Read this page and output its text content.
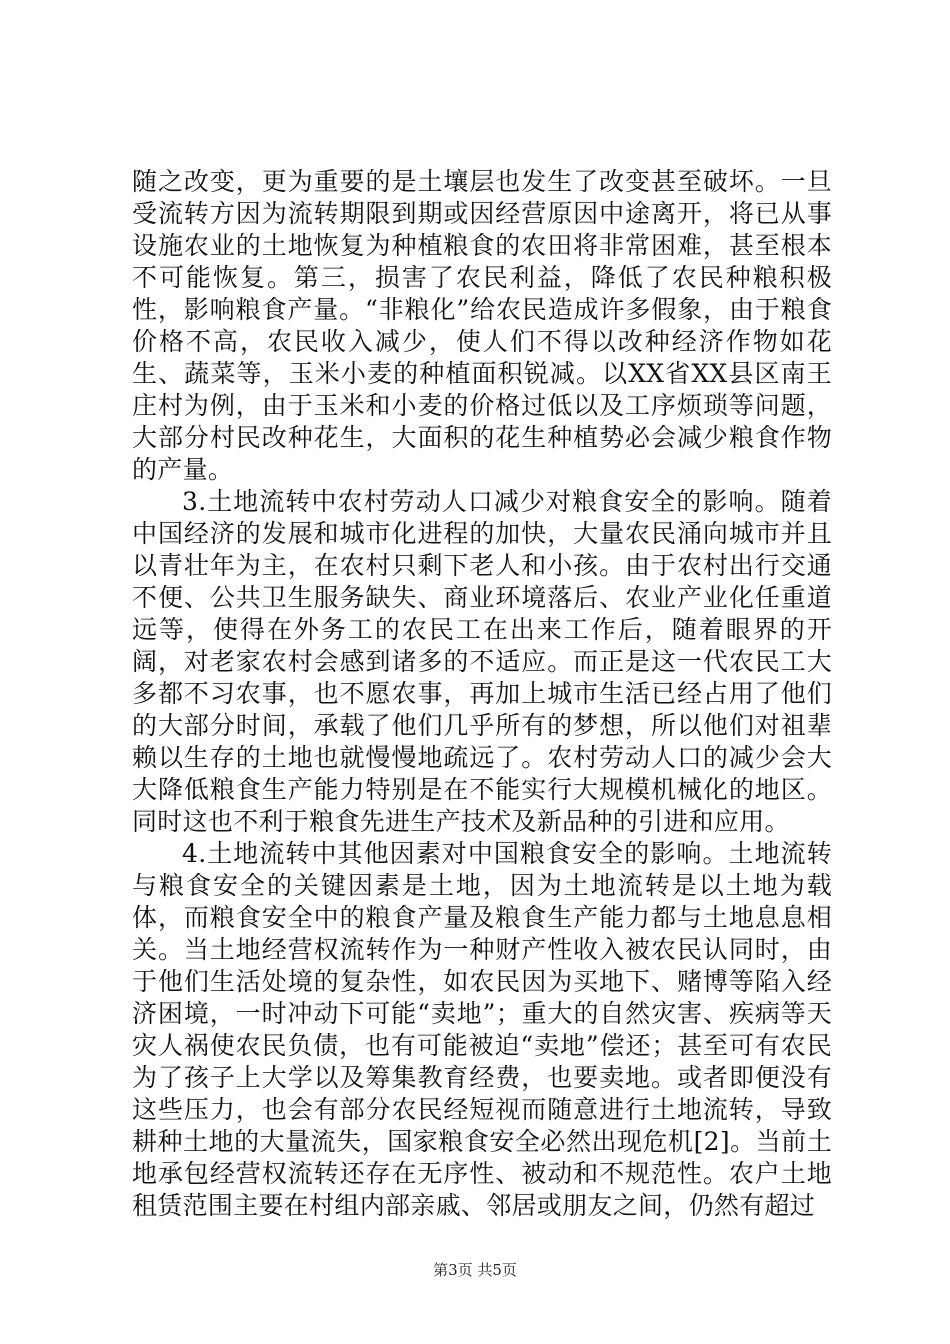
随之改变，更为重要的是土壤层也发生了改变甚至破坏。一旦受流转方因为流转期限到期或因经营原因中途离开，将已从事设施农业的土地恢复为种植粮食的农田将非常困难，甚至根本不可能恢复。第三，损害了农民利益，降低了农民种粮积极性，影响粮食产量。“非粮化”给农民造成许多假象，由于粮食价格不高，农民收入减少，使人们不得以改种经济作物如花生、蔬菜等，玉米小麦的种植面积锐减。以XX省XX县区南王庄村为例，由于玉米和小麦的价格过低以及工序烦琐等问题，大部分村民改种花生，大面积的花生种植势必会减少粮食作物的产量。

3.土地流转中农村劳动人口减少对粮食安全的影响。随着中国经济的发展和城市化进程的加快，大量农民涌向城市并且以青壮年为主，在农村只剩下老人和小孩。由于农村出行交通不便、公共卫生服务缺失、商业环境落后、农业产业化任重道远等，使得在外务工的农民工在出来工作后，随着眼界的开阔，对老家农村会感到诸多的不适应。而正是这一代农民工大多都不习农事，也不愿农事，再加上城市生活已经占用了他们的大部分时间，承载了他们几乎所有的梦想，所以他们对祖辈赖以生存的土地也就慢慢地疏远了。农村劳动人口的减少会大大降低粮食生产能力特别是在不能实行大规模机械化的地区。同时这也不利于粮食先进生产技术及新品种的引进和应用。

4.土地流转中其他因素对中国粮食安全的影响。土地流转与粮食安全的关键因素是土地，因为土地流转是以土地为载体，而粮食安全中的粮食产量及粮食生产能力都与土地息息相关。当土地经营权流转作为一种财产性收入被农民认同时，由于他们生活处境的复杂性，如农民因为买地下、赌博等陷入经济困境，一时冲动下可能“卖地”；重大的自然灾害、疾病等天灾人祸使农民负债，也有可能被迫“卖地”偿还；甚至可有农民为了孩子上大学以及筹集教育经费，也要卖地。或者即便没有这些压力，也会有部分农民经短视而随意进行土地流转，导致耕种土地的大量流失，国家粮食安全必然出现危机[2]。当前土地承包经营权流转还存在无序性、被动和不规范性。农户土地租赁范围主要在村组内部亲戚、邻居或朋友之间，仍然有超过

第3页 共5页
